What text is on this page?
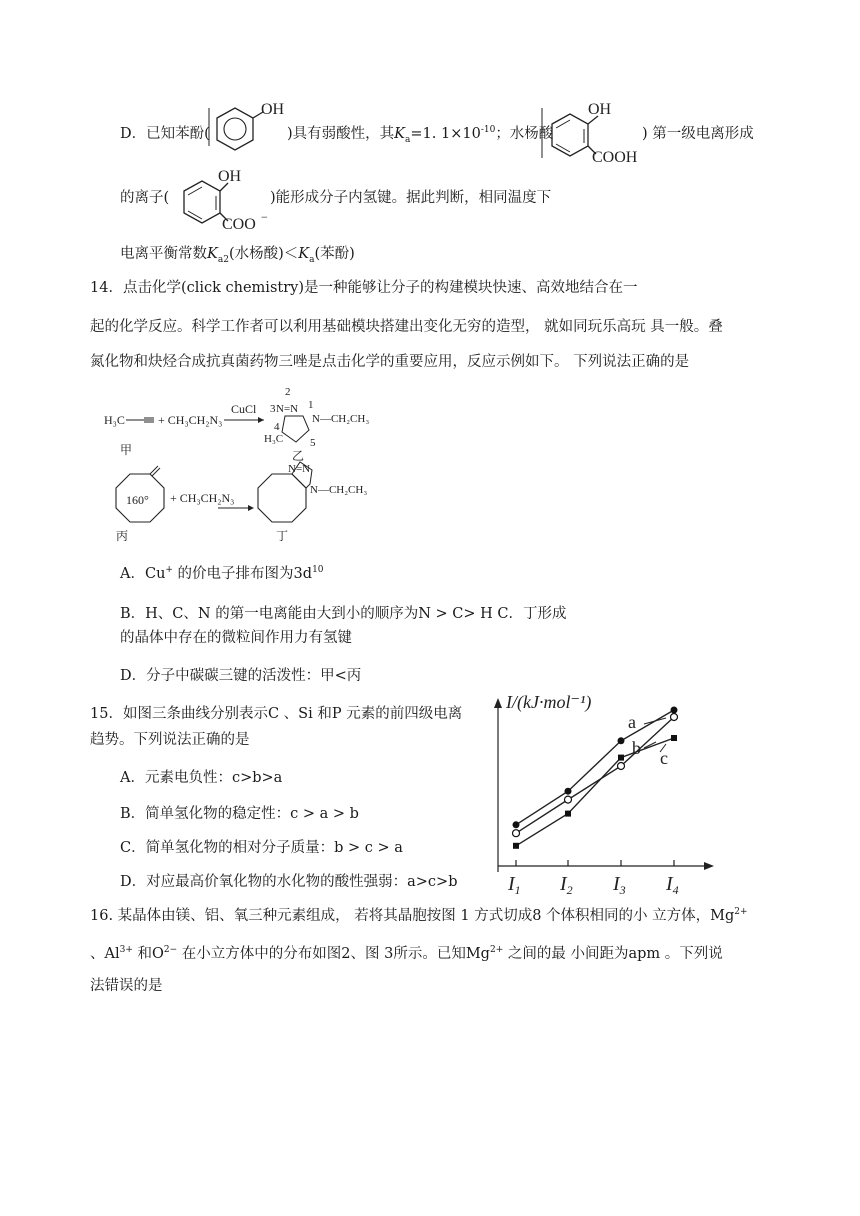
D．已知苯酚(
OH
)具有弱酸性，其$K_a=1$. $1\times 10^{-10}$；水杨酸
OH
COOH
) 第一级电离形成
的离子(
OH
COO −
)能形成分子内氢键。据此判断，相同温度下
电离平衡常数$K_{a2}$(水杨酸)$<K_a$(苯酚)
14．点击化学(click chemistry)是一种能够让分子的构建模块快速、高效地结合在一
起的化学反应。科学工作者可以利用基础模块搭建出变化无穷的造型， 就如同玩乐高玩 具一般。叠
氮化物和炔烃合成抗真菌药物三唑是点击化学的重要应用，反应示例如下。 下列说法正确的是
H₃C	+ CH₃CH₂N₃
CuCl
2
3 N=N 1
N—CH₂CH₃
4
H₃C 5
甲	乙
160° + CH₃CH₂N₃
N=N
N—CH₂CH₃
丙	丁
A．Cu+ 的价电子排布图为$3d^{10}$
B．H、C、N 的第一电离能由大到小的顺序为N > C> H C．丁形成
的晶体中存在的微粒间作用力有氢键
D．分子中碳碳三键的活泼性：甲<丙
15．如图三条曲线分别表示C 、Si 和P 元素的前四级电离
趋势。下列说法正确的是
A．元素电负性：c>b>a
B．简单氢化物的稳定性：c > a > b
C．简单氢化物的相对分子质量：b > c > a
D．对应最高价氧化物的水化物的酸性强弱：a>c>b
I/(kJ·mol⁻¹)
$I_1$ $I_2$ $I_3$ $I_4$
a
b c
16. 某晶体由镁、铝、氧三种元素组成， 若将其晶胞按图 1 方式切成8 个体积相同的小 立方体，$Mg^{2+}$
、$Al^{3+}$ 和$O^{2-}$ 在小立方体中的分布如图2、图 3所示。已知$Mg^{2+}$ 之间的最 小间距为apm 。下列说
法错误的是
